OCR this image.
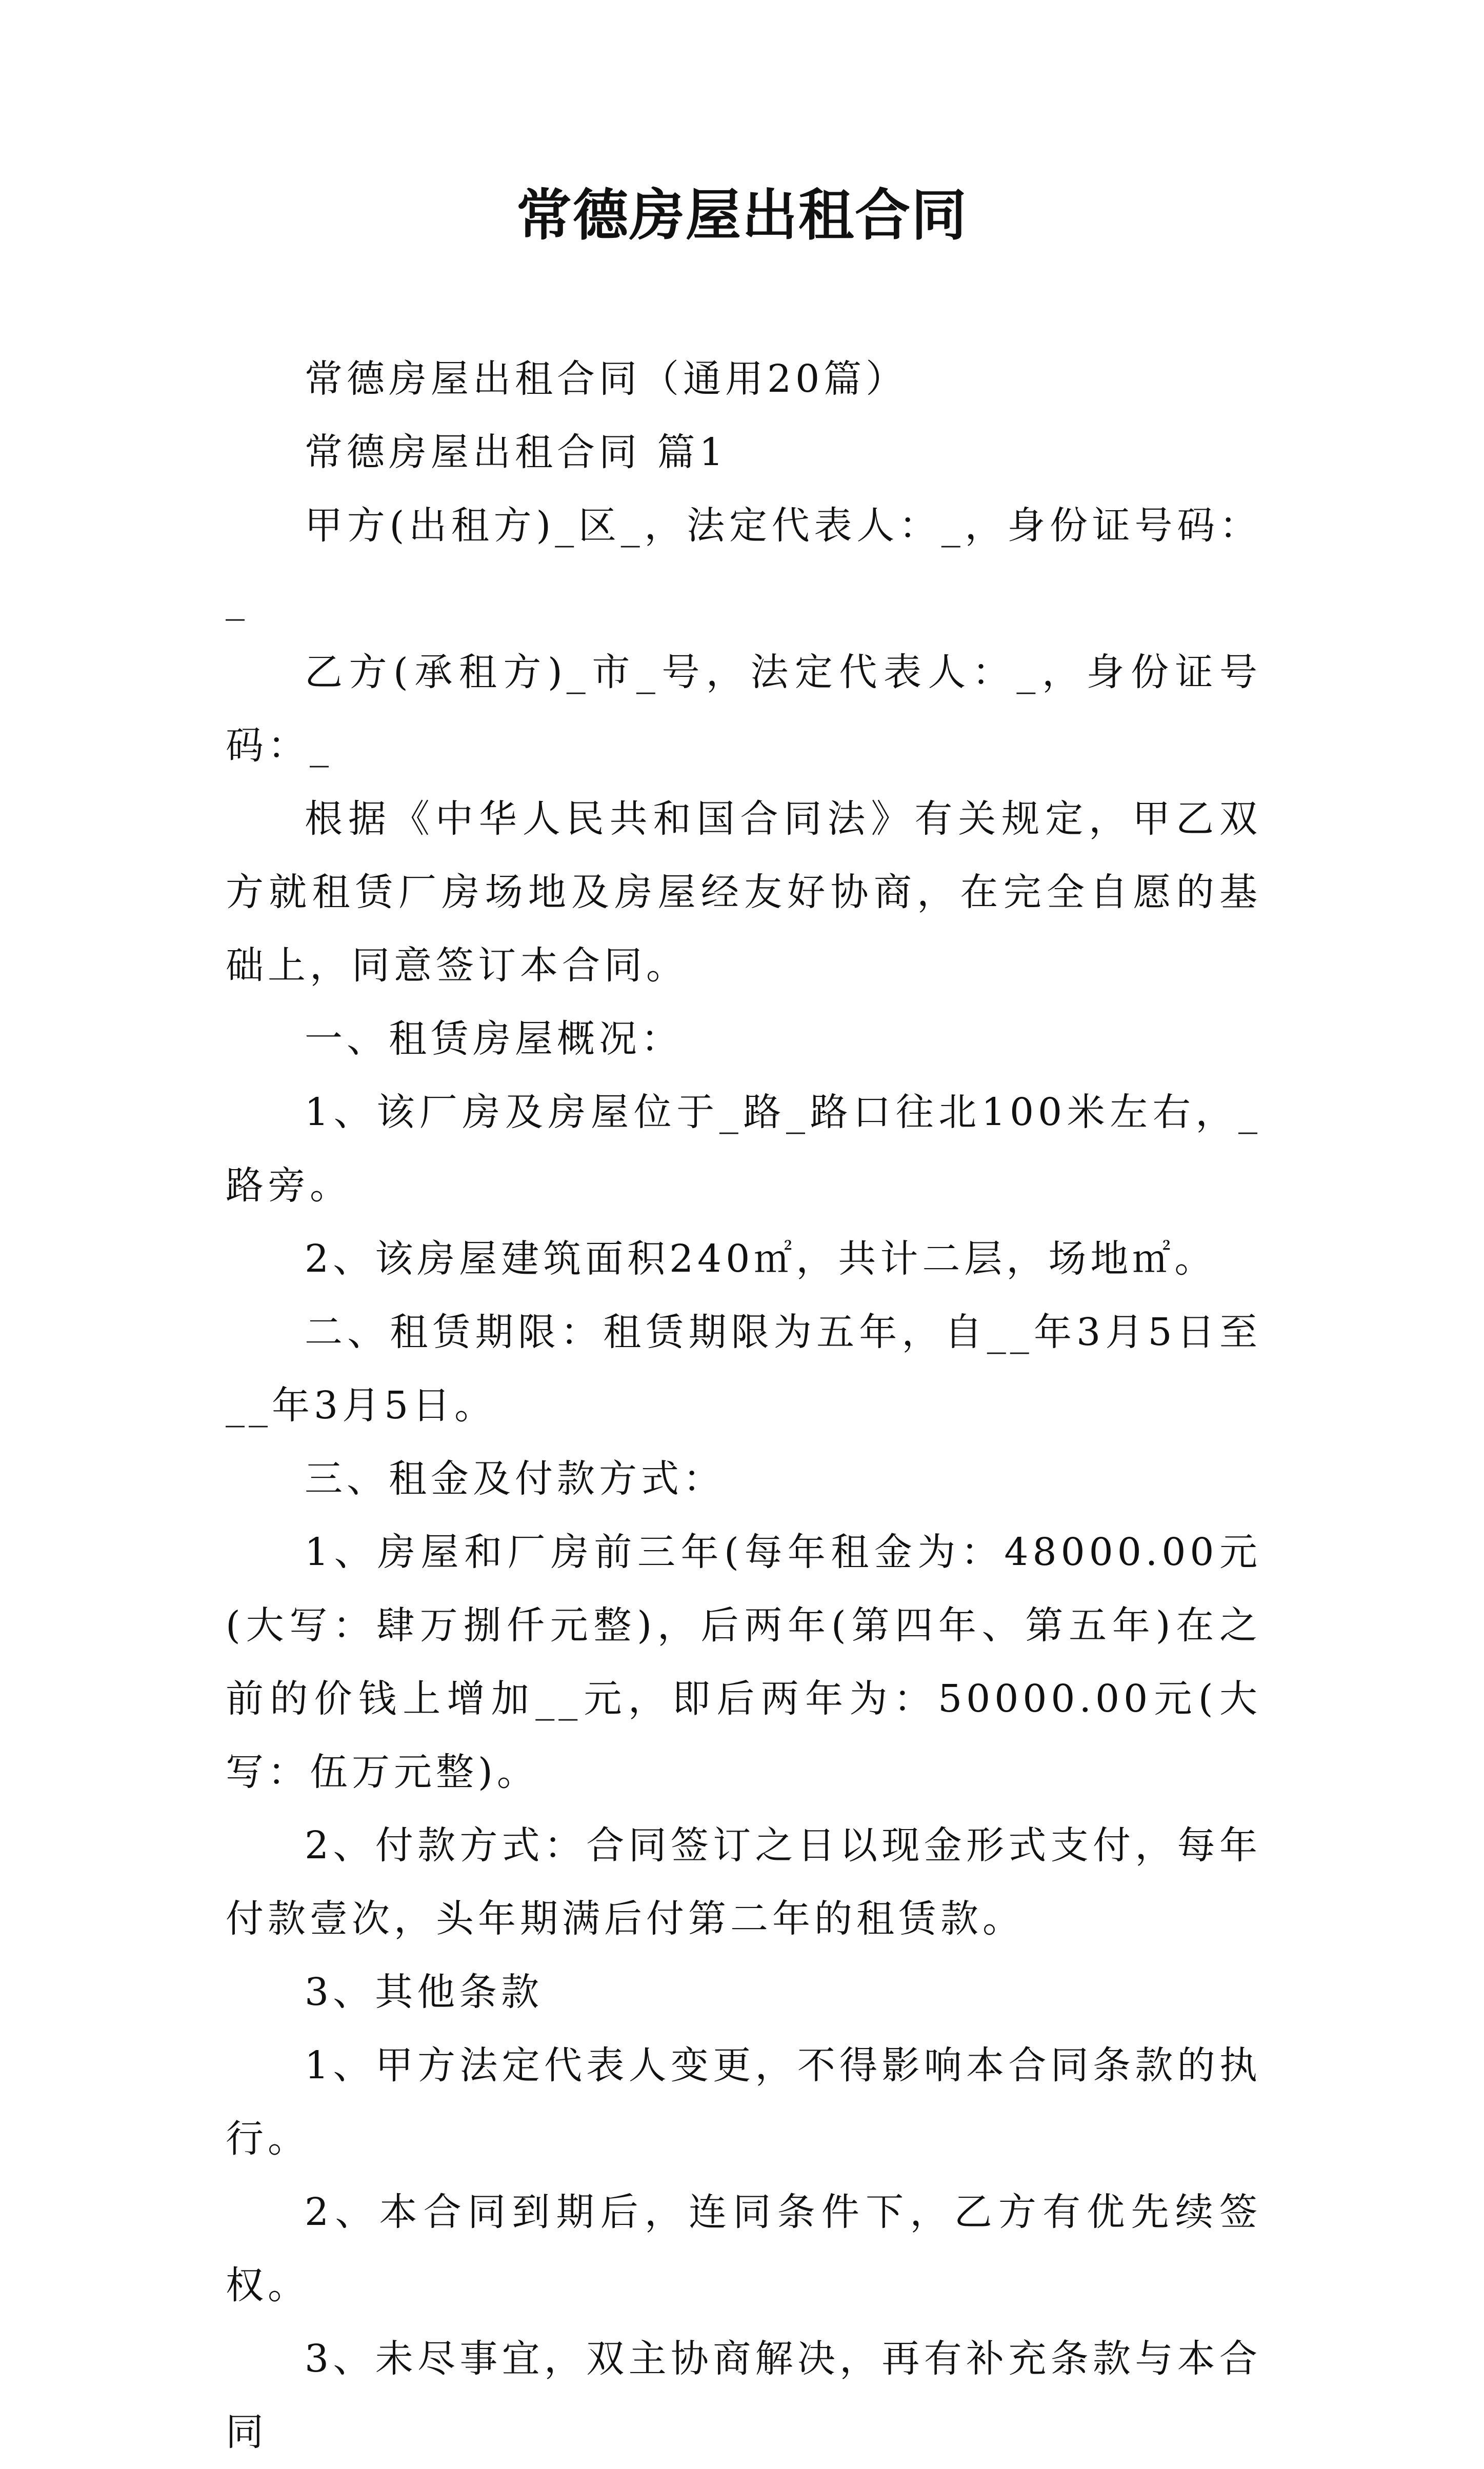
常德房屋出租合同

常德房屋出租合同（通用20篇）

常德房屋出租合同 篇1

甲方(出租方)_区_，法定代表人：_，身份证号码：_

乙方(承租方)_市_号，法定代表人：_，身份证号码：_

根据《中华人民共和国合同法》有关规定，甲乙双方就租赁厂房场地及房屋经友好协商，在完全自愿的基础上，同意签订本合同。

一、租赁房屋概况：

1、该厂房及房屋位于_路_路口往北100米左右，_路旁。

2、该房屋建筑面积240㎡，共计二层，场地㎡。

二、租赁期限：租赁期限为五年，自__年3月5日至__年3月5日。

三、租金及付款方式：

1、房屋和厂房前三年(每年租金为：48000.00元(大写：肆万捌仟元整)，后两年(第四年、第五年)在之前的价钱上增加__元，即后两年为：50000.00元(大写：伍万元整)。

2、付款方式：合同签订之日以现金形式支付，每年付款壹次，头年期满后付第二年的租赁款。

3、其他条款

1、甲方法定代表人变更，不得影响本合同条款的执行。

2、本合同到期后，连同条件下，乙方有优先续签权。

3、未尽事宜，双主协商解决，再有补充条款与本合同
